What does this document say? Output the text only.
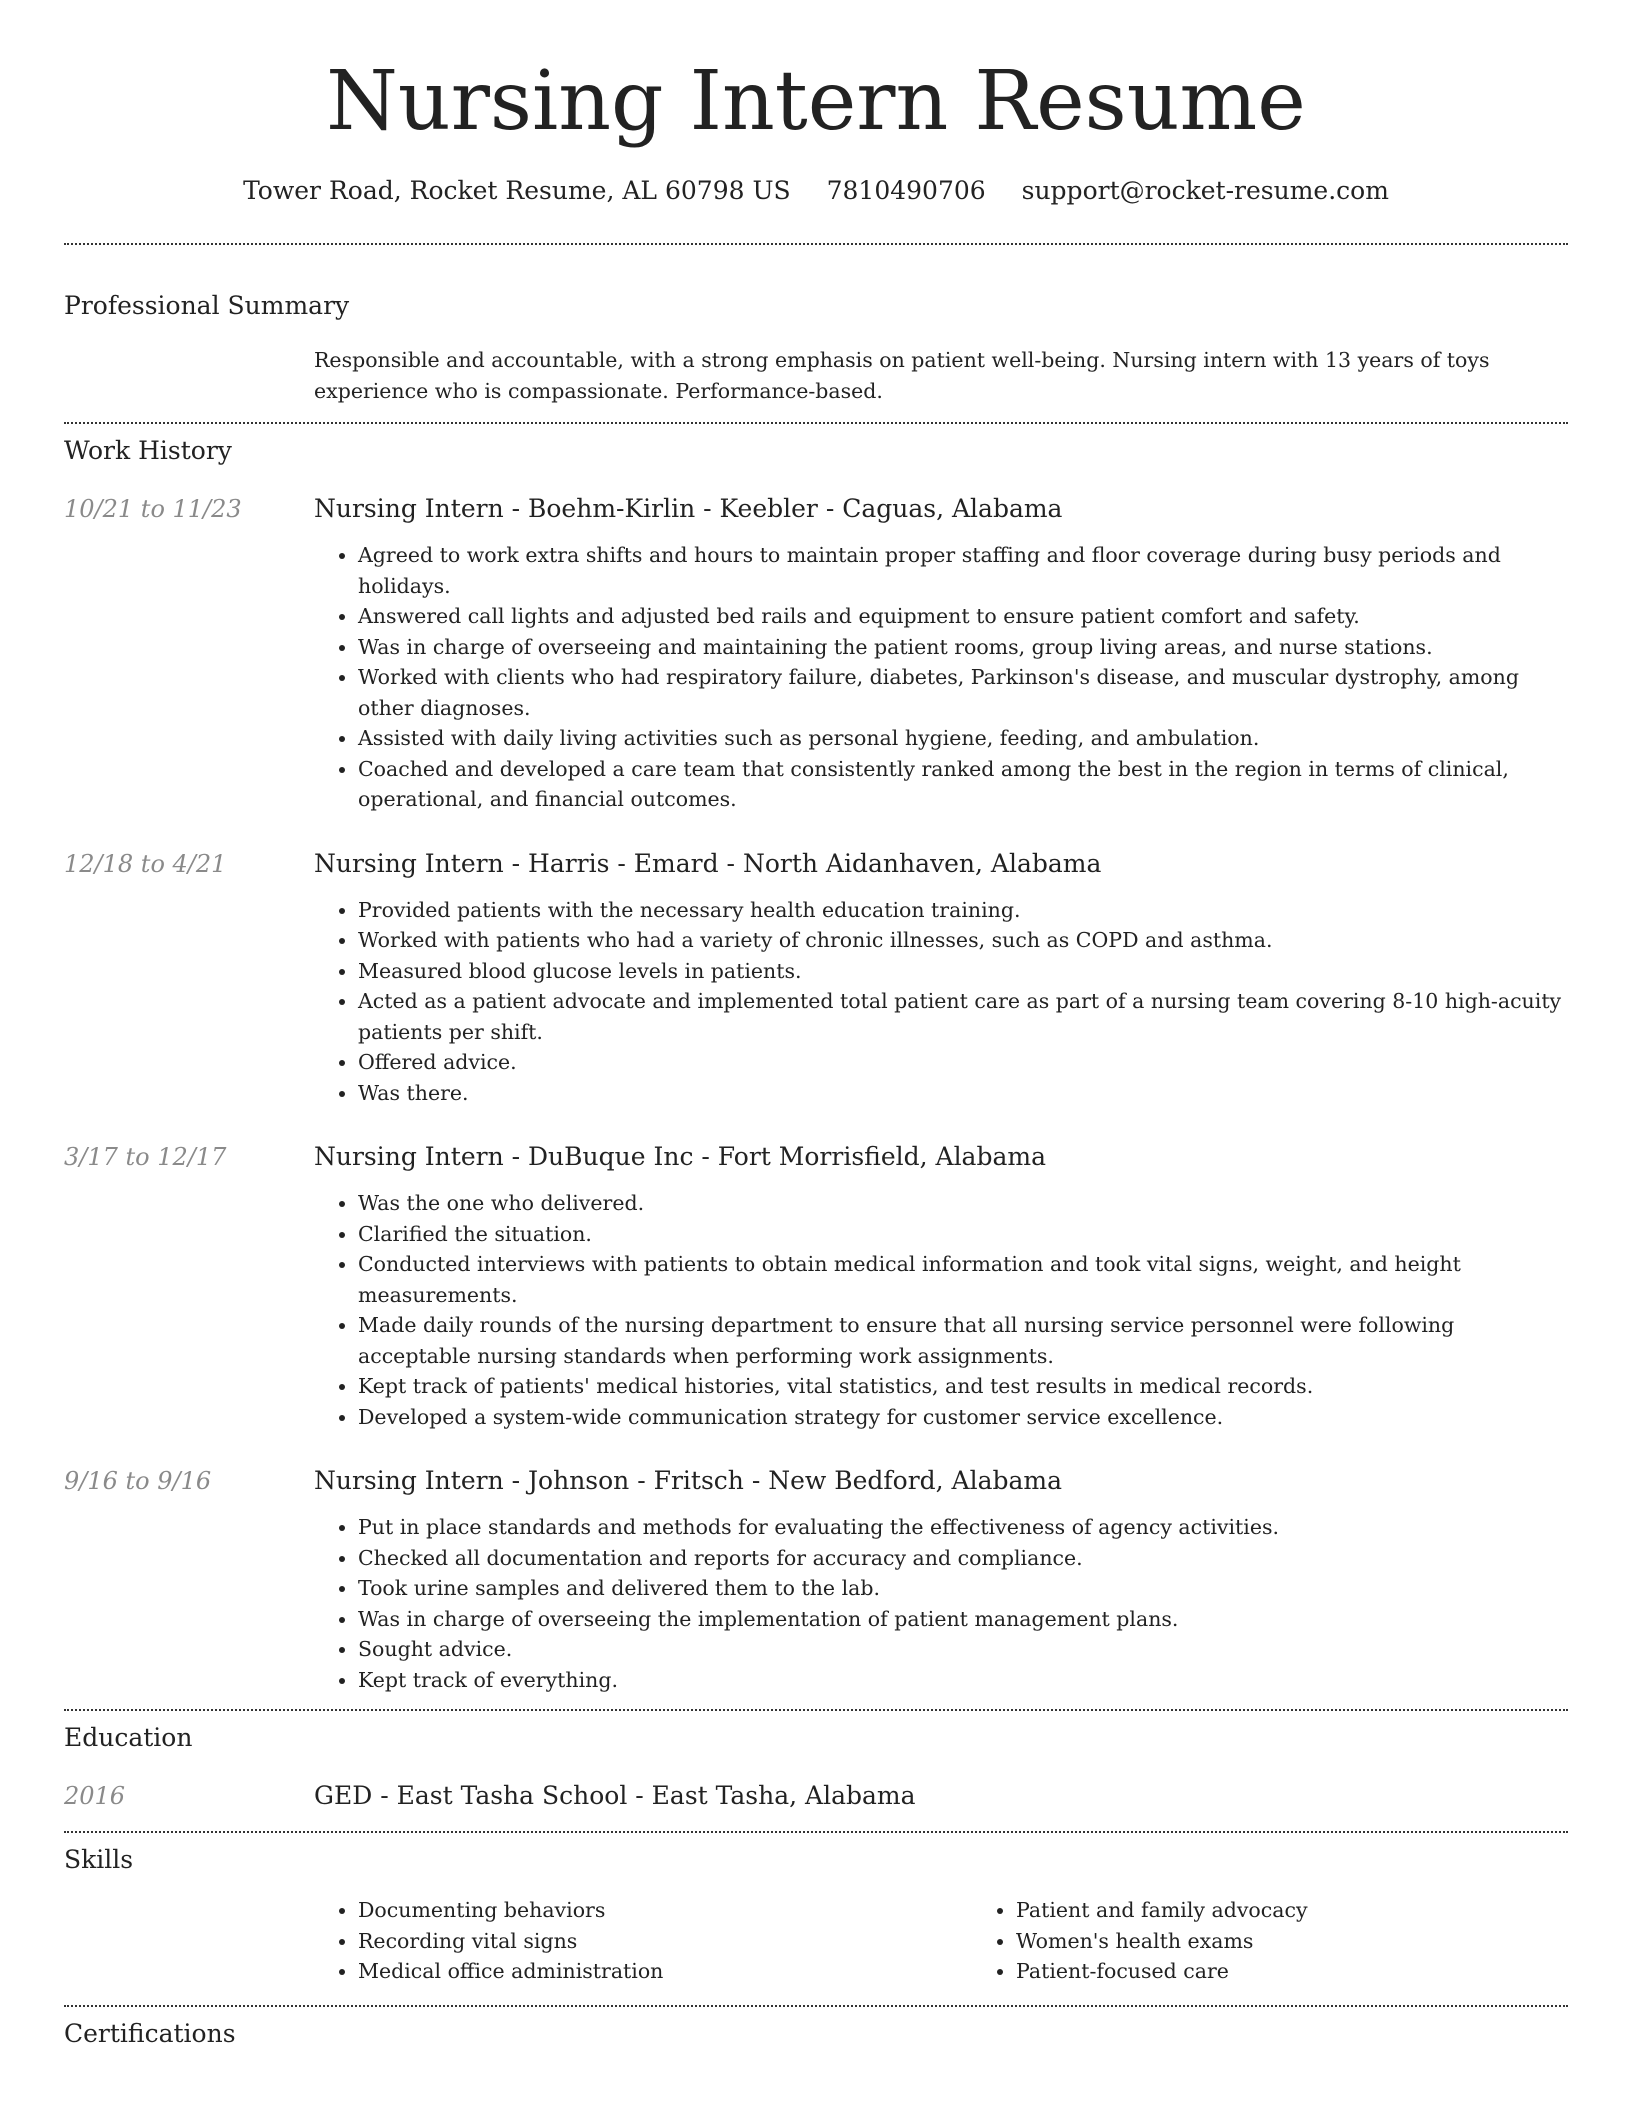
Nursing Intern Resume
Tower Road, Rocket Resume, AL 60798 US 7810490706 support@rocket-resume.com
Professional Summary
Responsible and accountable, with a strong emphasis on patient well-being. Nursing intern with 13 years of toys experience who is compassionate. Performance-based.
Work History
10/21 to 11/23	Nursing Intern - Boehm-Kirlin - Keebler - Caguas, Alabama
• Agreed to work extra shifts and hours to maintain proper staffing and floor coverage during busy periods and holidays.
• Answered call lights and adjusted bed rails and equipment to ensure patient comfort and safety.
• Was in charge of overseeing and maintaining the patient rooms, group living areas, and nurse stations.
• Worked with clients who had respiratory failure, diabetes, Parkinson's disease, and muscular dystrophy, among other diagnoses.
• Assisted with daily living activities such as personal hygiene, feeding, and ambulation.
• Coached and developed a care team that consistently ranked among the best in the region in terms of clinical, operational, and financial outcomes.
12/18 to 4/21	Nursing Intern - Harris - Emard - North Aidanhaven, Alabama
• Provided patients with the necessary health education training.
• Worked with patients who had a variety of chronic illnesses, such as COPD and asthma.
• Measured blood glucose levels in patients.
• Acted as a patient advocate and implemented total patient care as part of a nursing team covering 8-10 high-acuity patients per shift.
• Offered advice.
• Was there.
3/17 to 12/17	Nursing Intern - DuBuque Inc - Fort Morrisfield, Alabama
• Was the one who delivered.
• Clarified the situation.
• Conducted interviews with patients to obtain medical information and took vital signs, weight, and height measurements.
• Made daily rounds of the nursing department to ensure that all nursing service personnel were following acceptable nursing standards when performing work assignments.
• Kept track of patients' medical histories, vital statistics, and test results in medical records.
• Developed a system-wide communication strategy for customer service excellence.
9/16 to 9/16	Nursing Intern - Johnson - Fritsch - New Bedford, Alabama
• Put in place standards and methods for evaluating the effectiveness of agency activities.
• Checked all documentation and reports for accuracy and compliance.
• Took urine samples and delivered them to the lab.
• Was in charge of overseeing the implementation of patient management plans.
• Sought advice.
• Kept track of everything.
Education
2016	GED - East Tasha School - East Tasha, Alabama
Skills
• Documenting behaviors
• Recording vital signs
• Medical office administration
• Patient and family advocacy
• Women's health exams
• Patient-focused care
Certifications
